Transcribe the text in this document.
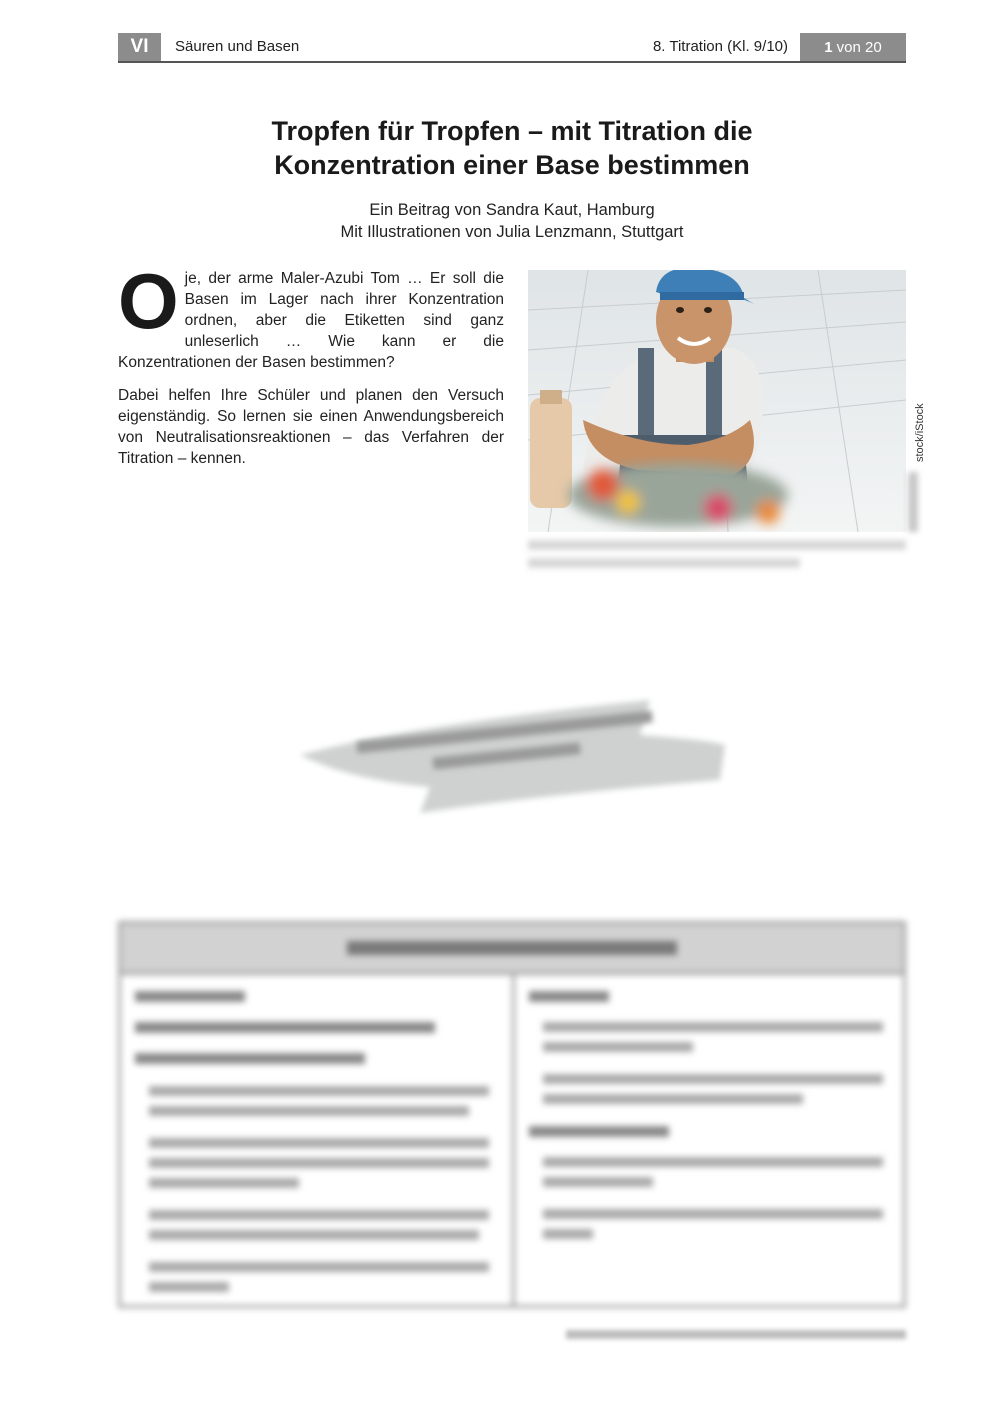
VI	Säuren und Basen	8. Titration (Kl. 9/10) 1 von 20
Tropfen für Tropfen – mit Titration die
Konzentration einer Base bestimmen
Ein Beitrag von Sandra Kaut, Hamburg
Mit Illustrationen von Julia Lenzmann, Stuttgart

Oje, der arme Maler-Azubi Tom … Er soll die Basen im Lager nach ihrer Konzentration ordnen, aber die Etiketten sind ganz unleserlich … Wie kann er die Konzentrationen der Basen bestimmen?

Dabei helfen Ihre Schüler und planen den Versuch eigenständig. So lernen sie einen Anwendungsbereich von Neutralisationsreaktionen – das Verfahren der Titration – kennen.	stock/iStock
